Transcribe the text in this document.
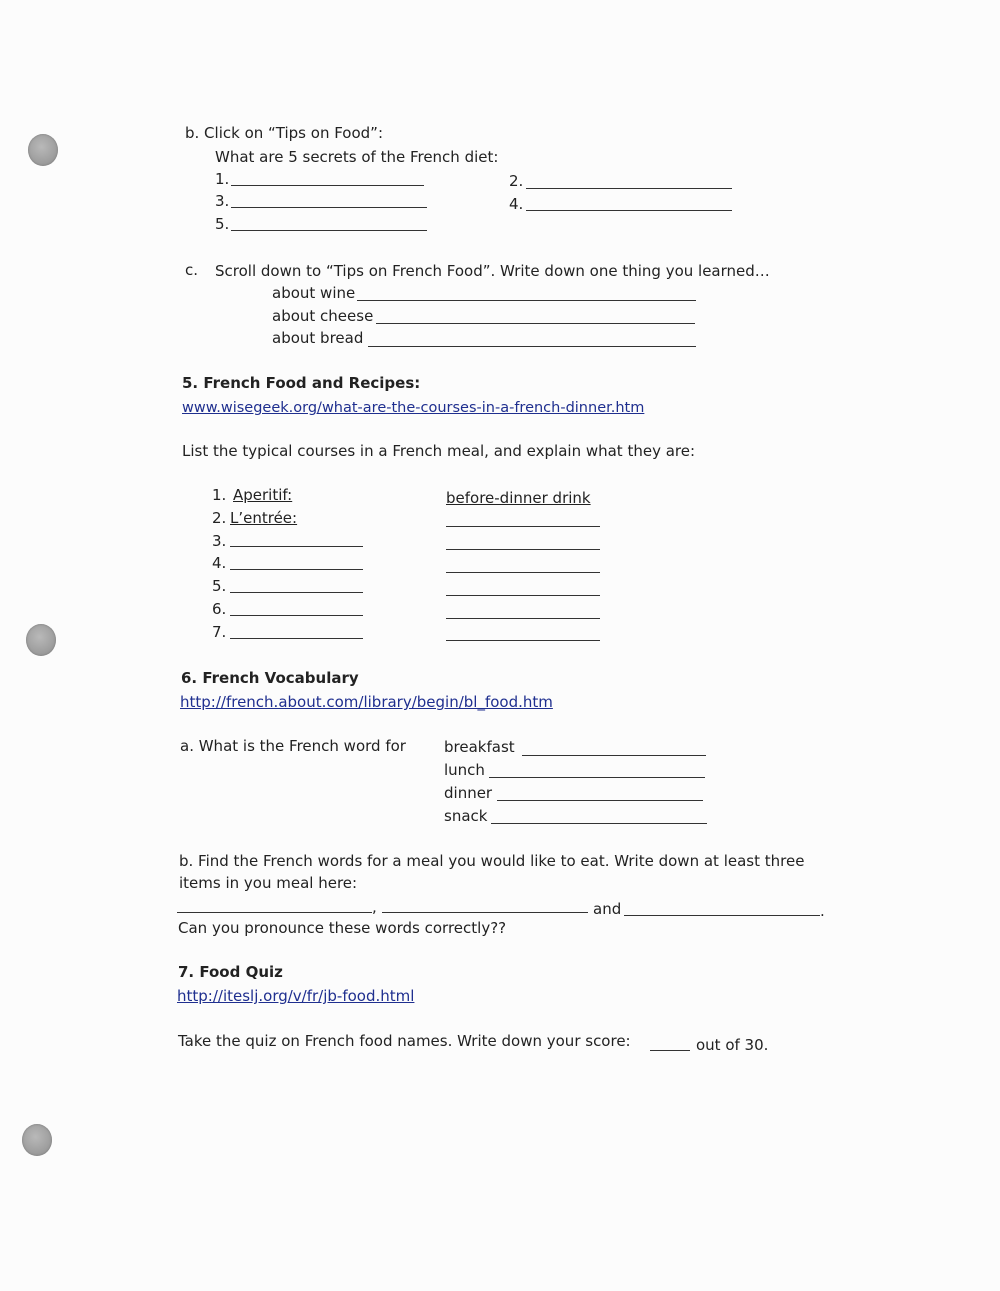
b. Click on “Tips on Food”:
What are 5 secrets of the French diet:
1.	2.
3.	4.
5.
c. Scroll down to “Tips on French Food”. Write down one thing you learned…
about wine
about cheese
about bread
5. French Food and Recipes:
www.wisegeek.org/what-are-the-courses-in-a-french-dinner.htm
List the typical courses in a French meal, and explain what they are:
1. Aperitif:	before-dinner drink
2. L’entrée:
3.
4.
5.
6.
7.
6. French Vocabulary
http://french.about.com/library/begin/bl_food.htm
a. What is the French word for	breakfast
lunch
dinner
snack
b. Find the French words for a meal you would like to eat. Write down at least three
items in you meal here:
,	and	.
Can you pronounce these words correctly??
7. Food Quiz
http://iteslj.org/v/fr/jb-food.html
Take the quiz on French food names. Write down your score:	out of 30.
